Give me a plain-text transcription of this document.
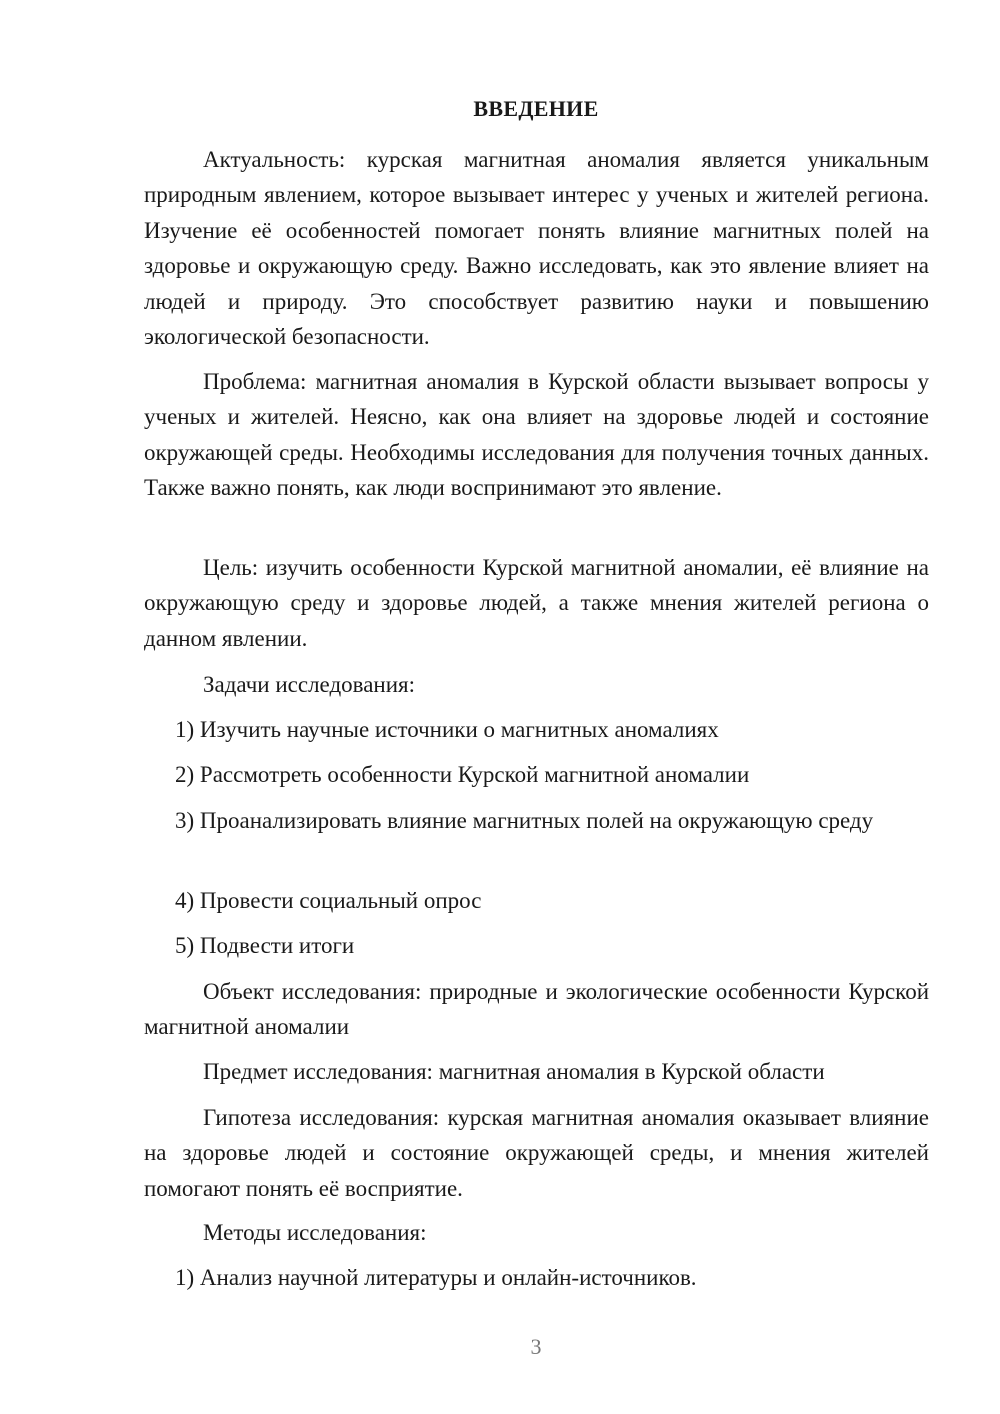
ВВЕДЕНИЕ

Актуальность: курская магнитная аномалия является уникальным природным явлением, которое вызывает интерес у ученых и жителей региона. Изучение её особенностей помогает понять влияние магнитных полей на здоровье и окружающую среду. Важно исследовать, как это явление влияет на людей и природу. Это способствует развитию науки и повышению экологической безопасности.

Проблема: магнитная аномалия в Курской области вызывает вопросы у ученых и жителей. Неясно, как она влияет на здоровье людей и состояние окружающей среды. Необходимы исследования для получения точных данных. Также важно понять, как люди воспринимают это явление.

Цель: изучить особенности Курской магнитной аномалии, её влияние на окружающую среду и здоровье людей, а также мнения жителей региона о данном явлении.

Задачи исследования:

1) Изучить научные источники о магнитных аномалиях

2) Рассмотреть особенности Курской магнитной аномалии

3) Проанализировать влияние магнитных полей на окружающую среду

4) Провести социальный опрос

5) Подвести итоги

Объект исследования: природные и экологические особенности Курской магнитной аномалии

Предмет исследования: магнитная аномалия в Курской области

Гипотеза исследования: курская магнитная аномалия оказывает влияние на здоровье людей и состояние окружающей среды, и мнения жителей помогают понять её восприятие.

Методы исследования:

1) Анализ научной литературы и онлайн-источников.

3
